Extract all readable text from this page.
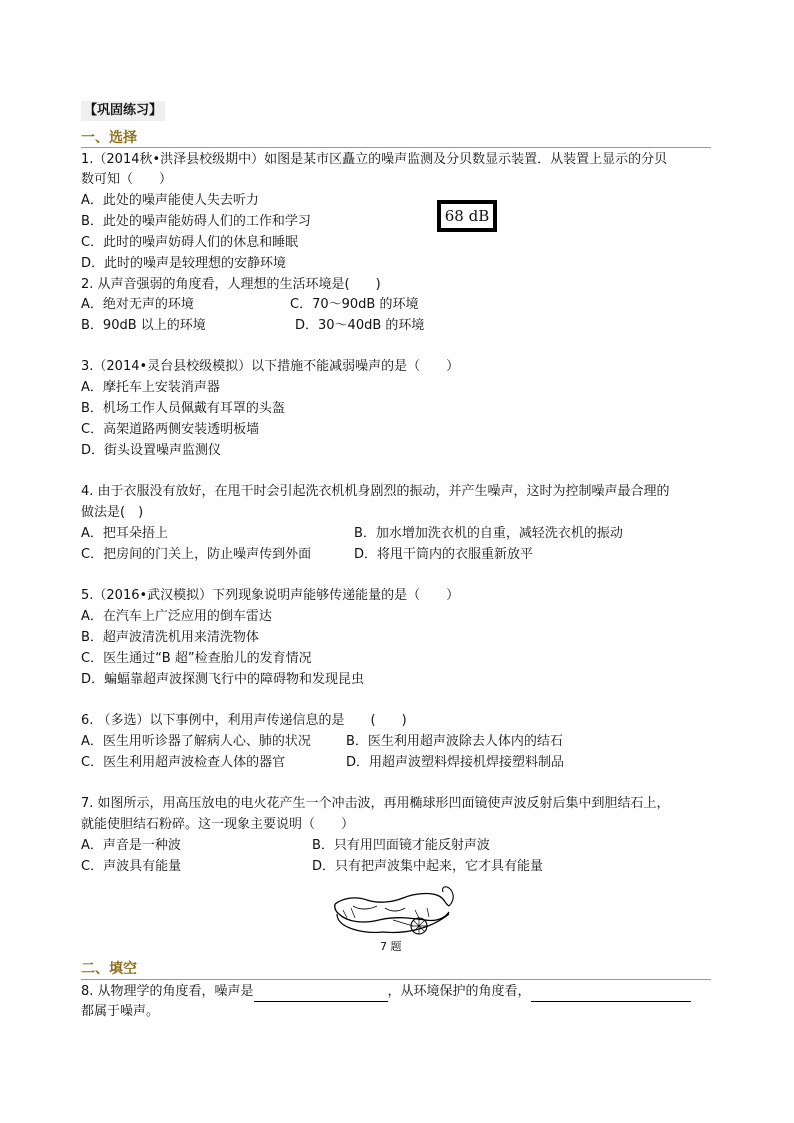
【巩固练习】
一、选择
1.（2014秋•洪泽县校级期中）如图是某市区矗立的噪声监测及分贝数显示装置．从装置上显示的分贝
数可知（　　）
A．此处的噪声能使人失去听力
B．此处的噪声能妨碍人们的工作和学习
C．此时的噪声妨碍人们的休息和睡眠
D．此时的噪声是较理想的安静环境
68 dB
2. 从声音强弱的角度看，人理想的生活环境是(　　)
A．绝对无声的环境	C．70～90dB 的环境
B．90dB 以上的环境	D．30～40dB 的环境
3.（2014•灵台县校级模拟）以下措施不能减弱噪声的是（　　）
A．摩托车上安装消声器
B．机场工作人员佩戴有耳罩的头盔
C．高架道路两侧安装透明板墙
D．街头设置噪声监测仪
4. 由于衣服没有放好，在甩干时会引起洗衣机机身剧烈的振动，并产生噪声，这时为控制噪声最合理的
做法是(　)
A．把耳朵捂上	B．加水增加洗衣机的自重，减轻洗衣机的振动
C．把房间的门关上，防止噪声传到外面	D．将甩干筒内的衣服重新放平
5.（2016•武汉模拟）下列现象说明声能够传递能量的是（　　）
A．在汽车上广泛应用的倒车雷达
B．超声波清洗机用来清洗物体
C．医生通过“B 超”检查胎儿的发育情况
D．蝙蝠靠超声波探测飞行中的障碍物和发现昆虫
6. （多选）以下事例中，利用声传递信息的是　　(　　)
A．医生用听诊器了解病人心、肺的状况	B．医生利用超声波除去人体内的结石
C．医生利用超声波检查人体的器官	D．用超声波塑料焊接机焊接塑料制品
7. 如图所示，用高压放电的电火花产生一个冲击波，再用椭球形凹面镜使声波反射后集中到胆结石上，
就能使胆结石粉碎。这一现象主要说明（　　）
A．声音是一种波	B．只有用凹面镜才能反射声波
C．声波具有能量	D．只有把声波集中起来，它才具有能量
7 题
二、填空
8. 从物理学的角度看，噪声是	，从环境保护的角度看，
都属于噪声。
